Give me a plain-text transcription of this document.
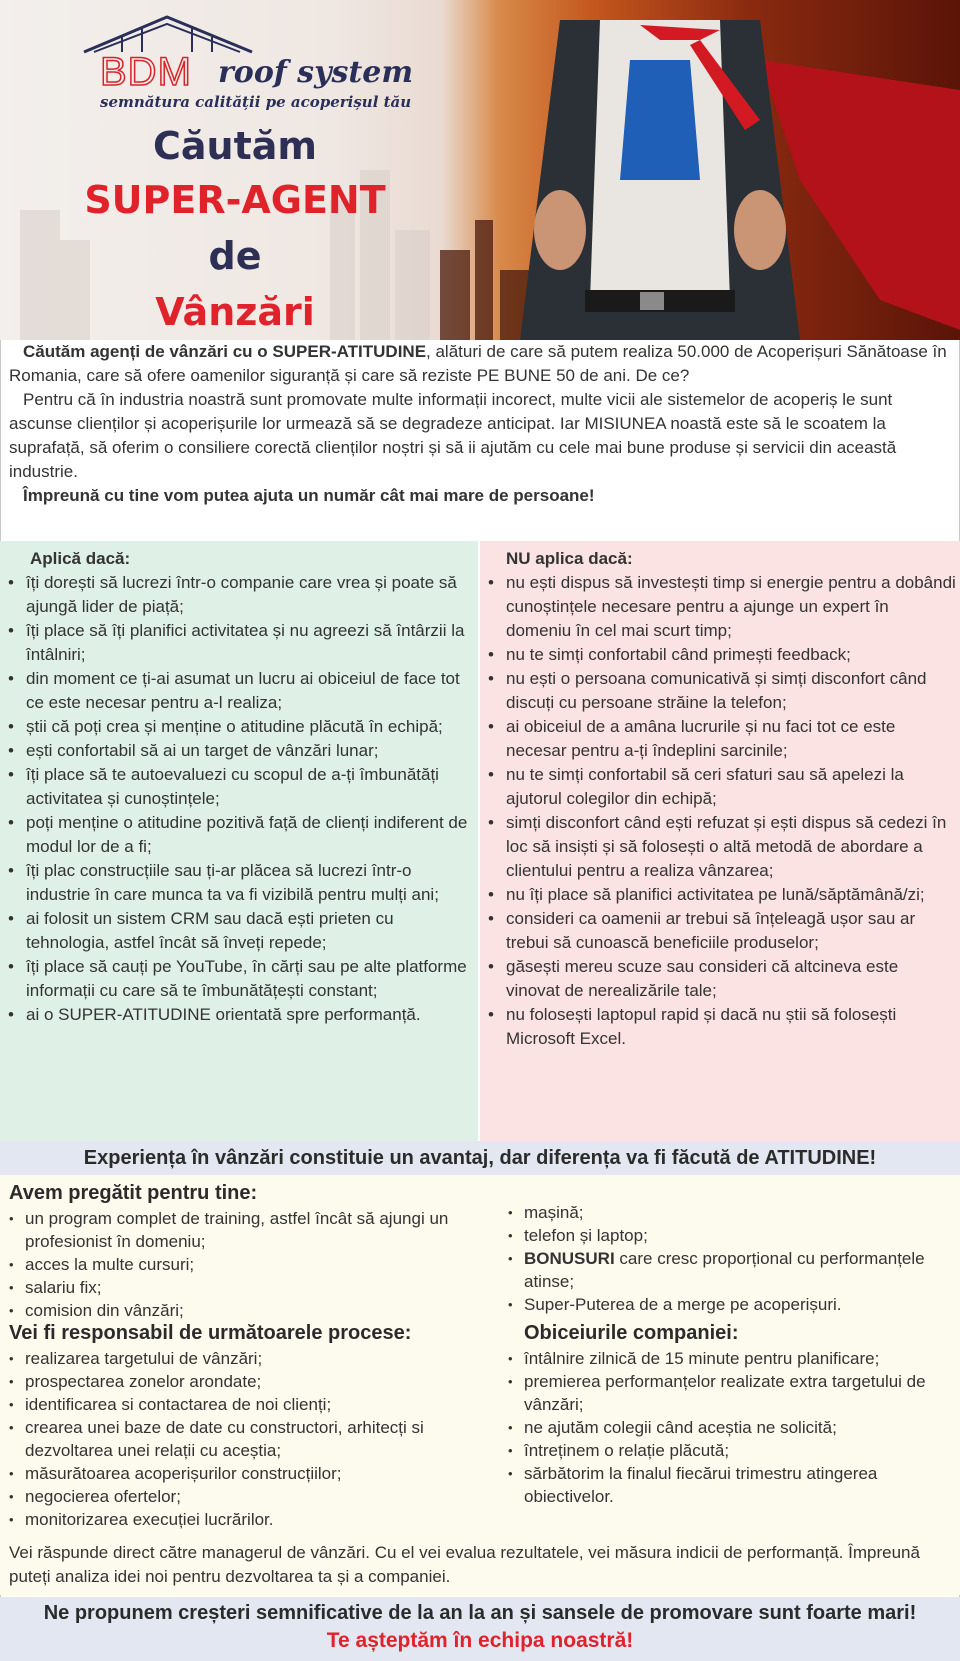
BDM roof system
semnătura calității pe acoperișul tău
Căutăm
SUPER-AGENT
de
Vânzări

Căutăm agenți de vânzări cu o SUPER-ATITUDINE, alături de care să putem realiza 50.000 de Acoperișuri Sănătoase în Romania, care să ofere oamenilor siguranță și care să reziste PE BUNE 50 de ani. De ce?

Pentru că în industria noastră sunt promovate multe informații incorect, multe vicii ale sistemelor de acoperiș le sunt ascunse clienților și acoperișurile lor urmează să se degradeze anticipat. Iar MISIUNEA noastă este să le scoatem la suprafață, să oferim o consiliere corectă clienților noștri și să ii ajutăm cu cele mai bune produse și servicii din această industrie.

Împreună cu tine vom putea ajuta un număr cât mai mare de persoane!

Aplică dacă:
• îți dorești să lucrezi într-o companie care vrea și poate să ajungă lider de piață;
• îți place să îți planifici activitatea și nu agreezi să întârzii la întâlniri;
• din moment ce ți-ai asumat un lucru ai obiceiul de face tot ce este necesar pentru a-l realiza;
• știi că poți crea și menține o atitudine plăcută în echipă;
• ești confortabil să ai un target de vânzări lunar;
• îți place să te autoevaluezi cu scopul de a-ți îmbunătăți activitatea și cunoștințele;
• poți menține o atitudine pozitivă față de clienți indiferent de modul lor de a fi;
• îți plac construcțiile sau ți-ar plăcea să lucrezi într-o industrie în care munca ta va fi vizibilă pentru mulți ani;
• ai folosit un sistem CRM sau dacă ești prieten cu tehnologia, astfel încât să înveți repede;
• îți place să cauți pe YouTube, în cărți sau pe alte platforme informații cu care să te îmbunătățești constant;
• ai o SUPER-ATITUDINE orientată spre performanță.
NU aplica dacă:
• nu ești dispus să investești timp si energie pentru a dobândi cunoștințele necesare pentru a ajunge un expert în domeniu în cel mai scurt timp;
• nu te simți confortabil când primești feedback;
• nu ești o persoana comunicativă și simți disconfort când discuți cu persoane străine la telefon;
• ai obiceiul de a amâna lucrurile și nu faci tot ce este necesar pentru a-ți îndeplini sarcinile;
• nu te simți confortabil să ceri sfaturi sau să apelezi la ajutorul colegilor din echipă;
• simți disconfort când ești refuzat și ești dispus să cedezi în loc să insiști și să folosești o altă metodă de abordare a clientului pentru a realiza vânzarea;
• nu îți place să planifici activitatea pe lună/săptămână/zi;
• consideri ca oamenii ar trebui să înțeleagă ușor sau ar trebui să cunoască beneficiile produselor;
• găsești mereu scuze sau consideri că altcineva este vinovat de nerealizările tale;
• nu folosești laptopul rapid și dacă nu știi să folosești Microsoft Excel.
Experiența în vânzări constituie un avantaj, dar diferența va fi făcută de ATITUDINE!
Avem pregătit pentru tine:
• un program complet de training, astfel încât să ajungi un profesionist în domeniu;
• acces la multe cursuri;
• salariu fix;
• comision din vânzări;
• mașină;
• telefon și laptop;
• BONUSURI care cresc proporțional cu performanțele atinse;
• Super-Puterea de a merge pe acoperișuri.
Vei fi responsabil de următoarele procese:
• realizarea targetului de vânzări;
• prospectarea zonelor arondate;
• identificarea si contactarea de noi clienți;
• crearea unei baze de date cu constructori, arhitecți si dezvoltarea unei relații cu aceștia;
• măsurătoarea acoperișurilor construcțiilor;
• negocierea ofertelor;
• monitorizarea execuției lucrărilor.
Obiceiurile companiei:
• întâlnire zilnică de 15 minute pentru planificare;
• premierea performanțelor realizate extra targetului de vânzări;
• ne ajutăm colegii când aceștia ne solicită;
• întreținem o relație plăcută;
• sărbătorim la finalul fiecărui trimestru atingerea obiectivelor.
Vei răspunde direct către managerul de vânzări. Cu el vei evalua rezultatele, vei măsura indicii de performanță. Împreună puteți analiza idei noi pentru dezvoltarea ta și a companiei.
Ne propunem creșteri semnificative de la an la an și sansele de promovare sunt foarte mari!
Te așteptăm în echipa noastră!
